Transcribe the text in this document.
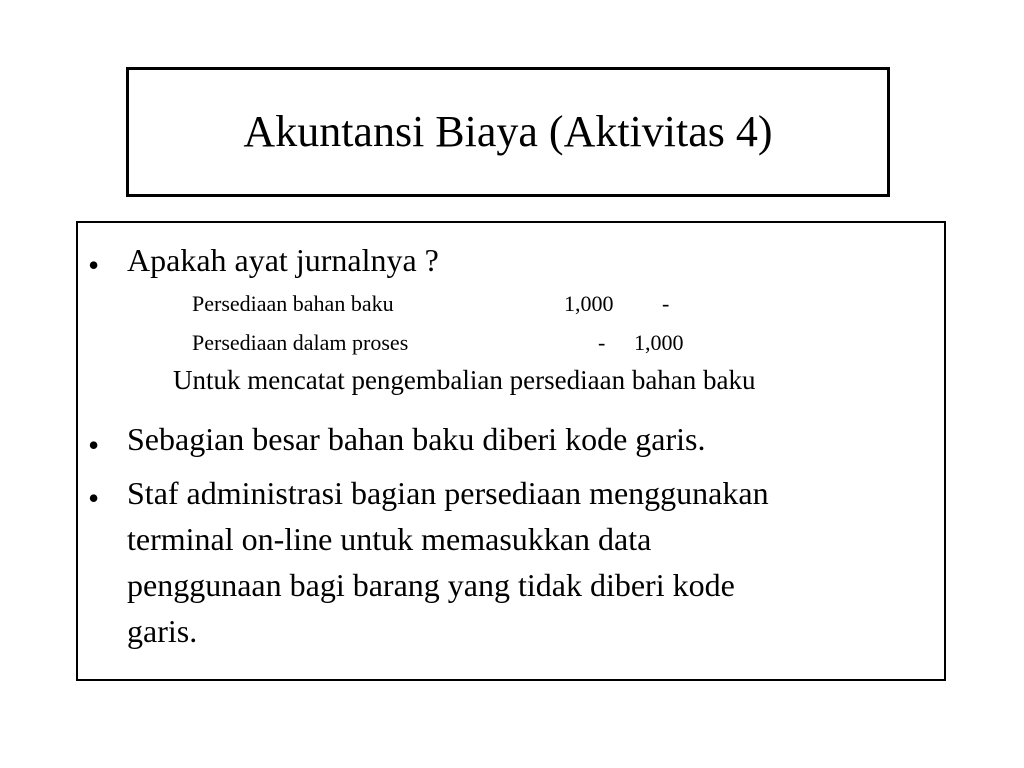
Akuntansi Biaya (Aktivitas 4)
• Apakah ayat jurnalnya ?
Persediaan bahan baku	1,000 -
Persediaan dalam proses	- 1,000
Untuk mencatat pengembalian persediaan bahan baku
• Sebagian besar bahan baku diberi kode garis.
• Staf administrasi bagian persediaan menggunakan
terminal on-line untuk memasukkan data
penggunaan bagi barang yang tidak diberi kode
garis.
